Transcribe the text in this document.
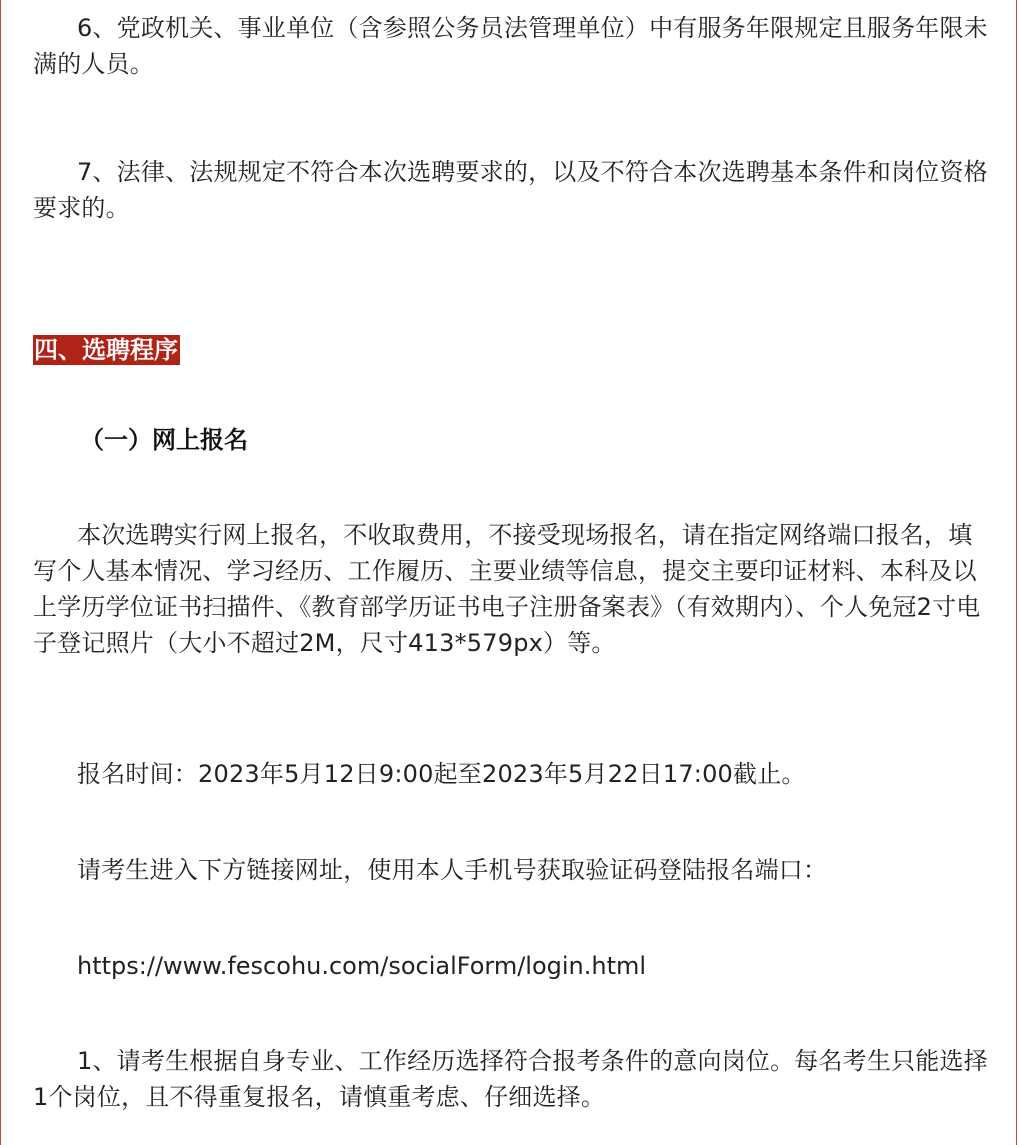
6、党政机关、事业单位（含参照公务员法管理单位）中有服务年限规定且服务年限未满的人员。

7、法律、法规规定不符合本次选聘要求的，以及不符合本次选聘基本条件和岗位资格要求的。

四、选聘程序
（一）网上报名

本次选聘实行网上报名，不收取费用，不接受现场报名，请在指定网络端口报名，填写个人基本情况、学习经历、工作履历、主要业绩等信息，提交主要印证材料、本科及以上学历学位证书扫描件、《教育部学历证书电子注册备案表》（有效期内）、个人免冠2寸电子登记照片（大小不超过2M，尺寸413*579px）等。

报名时间：2023年5月12日9:00起至2023年5月22日17:00截止。

请考生进入下方链接网址，使用本人手机号获取验证码登陆报名端口：

https://www.fescohu.com/socialForm/login.html

1、请考生根据自身专业、工作经历选择符合报考条件的意向岗位。每名考生只能选择1个岗位，且不得重复报名，请慎重考虑、仔细选择。
